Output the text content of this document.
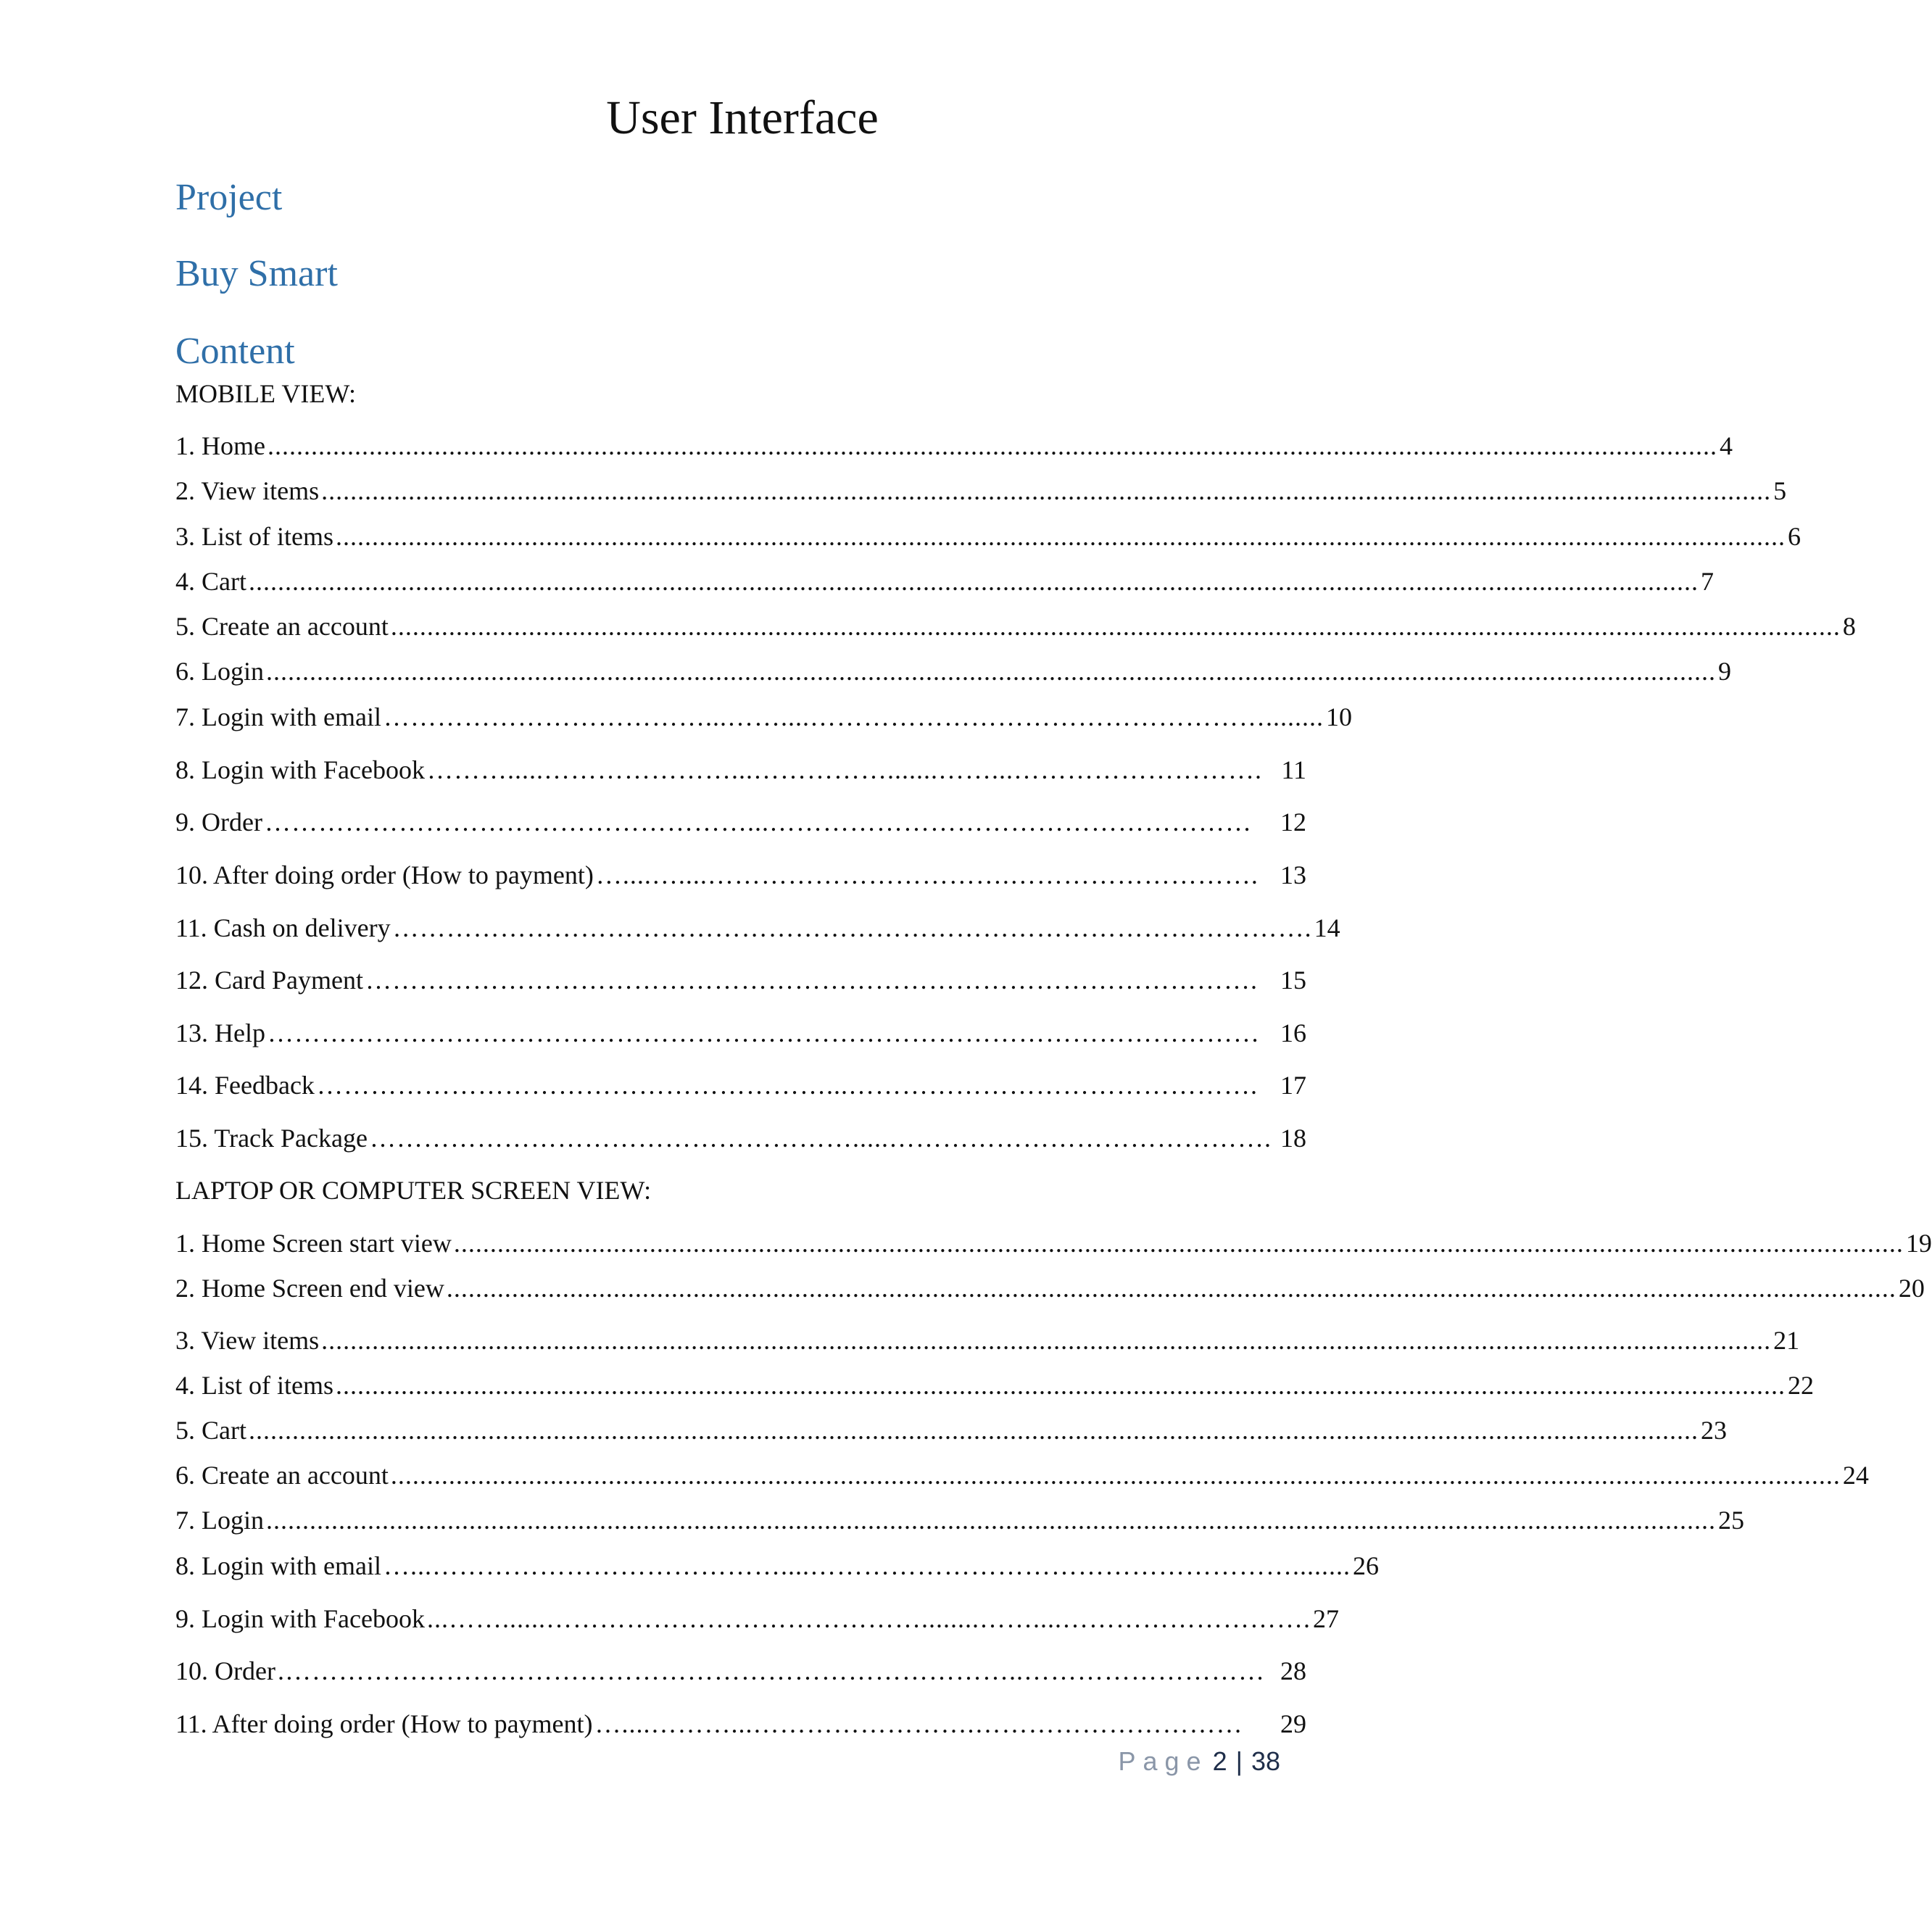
User Interface
Project
Buy Smart
Content
MOBILE VIEW:
1. Home ........................................................................................................................................................................................................ 4
2. View items ........................................................................................................................................................................................................ 5
3. List of items ........................................................................................................................................................................................................ 6
4. Cart ........................................................................................................................................................................................................ 7
5. Create an account ........................................................................................................................................................................................................ 8
6. Login ........................................................................................................................................................................................................ 9
7. Login with email ………………………………...……....……………………………………………........ 10
8. Login with Facebook ……….....…………………...…………….......……...………………………. 11
9. Order ………………………………………………...………………………………………………	12
10. After doing order (How to payment) …....…....…………………………….………………………. 13
11. Cash on delivery …………………………………………………………………………………………. 14
12. Card Payment ………………………………………………………………………………………. 15
13. Help ………………………………………………………………………………………………… 16
14. Feedback …………………………………………………...………………………………………. 17
15. Track Package ……………………………………………….....……………………………………. 18
LAPTOP OR COMPUTER SCREEN VIEW:
1. Home Screen start view ........................................................................................................................................................................................................ 19
2. Home Screen end view ........................................................................................................................................................................................................ 20
3. View items ........................................................................................................................................................................................................ 21
4. List of items ........................................................................................................................................................................................................ 22
5. Cart ........................................................................................................................................................................................................ 23
6. Create an account ........................................................................................................................................................................................................ 24
7. Login ........................................................................................................................................................................................................ 25
8. Login with email …...…………………………………....………………………………………………........ 26
9. Login with Facebook ...……......……………………………………........……....………………………. 27
10. Order .………………………………………………………………………..……………………… 28
11. After doing order (How to payment) …....………...…………………….…………………………	29
Page 2 | 38
